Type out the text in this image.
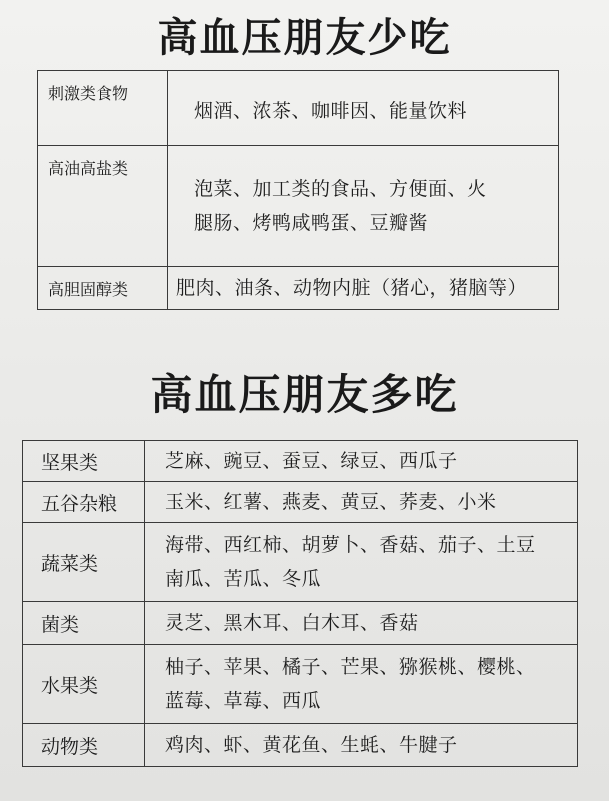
高血压朋友少吃
刺激类食物	烟酒、浓茶、咖啡因、能量饮料

高油高盐类	泡菜、加工类的食品、方便面、火
腿肠、烤鸭咸鸭蛋、豆瓣酱

高胆固醇类	肥肉、油条、动物内脏（猪心，猪脑等）
高血压朋友多吃
坚果类	芝麻、豌豆、蚕豆、绿豆、西瓜子

五谷杂粮	玉米、红薯、燕麦、黄豆、荞麦、小米

蔬菜类	海带、西红柿、胡萝卜、香菇、茄子、土豆
南瓜、苦瓜、冬瓜

菌类	灵芝、黑木耳、白木耳、香菇

水果类	柚子、苹果、橘子、芒果、猕猴桃、樱桃、
蓝莓、草莓、西瓜

动物类	鸡肉、虾、黄花鱼、生蚝、牛腱子
